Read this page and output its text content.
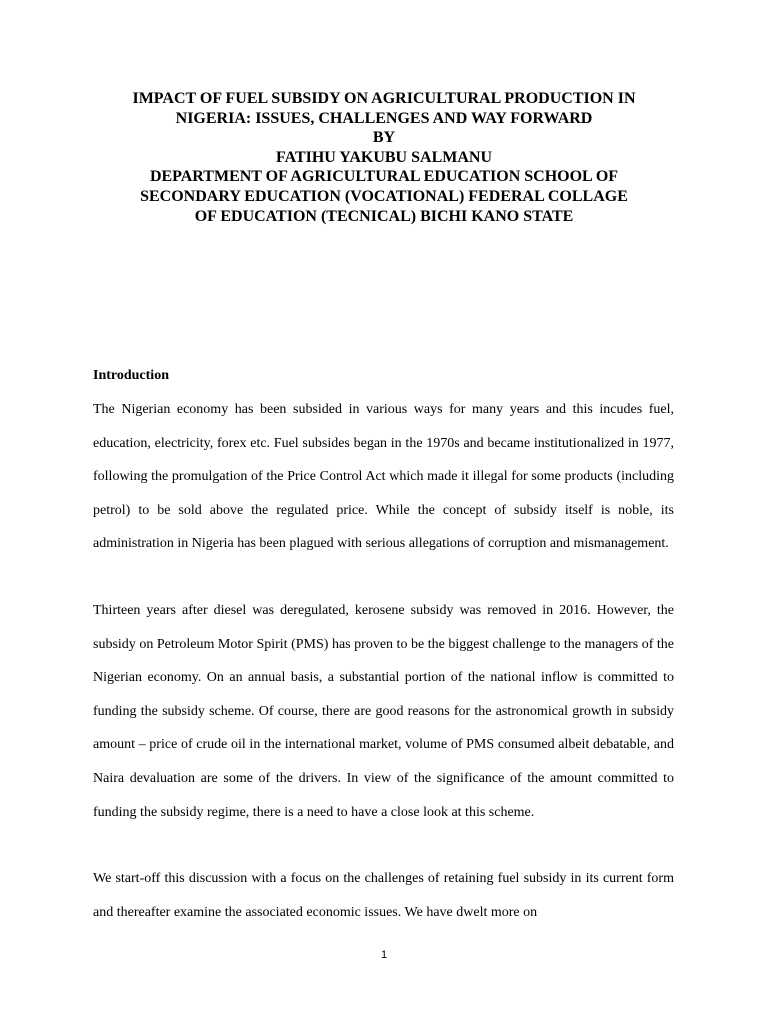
IMPACT OF FUEL SUBSIDY ON AGRICULTURAL PRODUCTION IN
NIGERIA: ISSUES, CHALLENGES AND WAY FORWARD
BY
FATIHU YAKUBU SALMANU
DEPARTMENT OF AGRICULTURAL EDUCATION SCHOOL OF
SECONDARY EDUCATION (VOCATIONAL) FEDERAL COLLAGE
OF EDUCATION (TECNICAL) BICHI KANO STATE
Introduction

The Nigerian economy has been subsided in various ways for many years and this incudes fuel, education, electricity, forex etc. Fuel subsides began in the 1970s and became institutionalized in 1977, following the promulgation of the Price Control Act which made it illegal for some products (including petrol) to be sold above the regulated price. While the concept of subsidy itself is noble, its administration in Nigeria has been plagued with serious allegations of corruption and mismanagement.

Thirteen years after diesel was deregulated, kerosene subsidy was removed in 2016. However, the subsidy on Petroleum Motor Spirit (PMS) has proven to be the biggest challenge to the managers of the Nigerian economy. On an annual basis, a substantial portion of the national inflow is committed to funding the subsidy scheme. Of course, there are good reasons for the astronomical growth in subsidy amount – price of crude oil in the international market, volume of PMS consumed albeit debatable, and Naira devaluation are some of the drivers. In view of the significance of the amount committed to funding the subsidy regime, there is a need to have a close look at this scheme.

We start-off this discussion with a focus on the challenges of retaining fuel subsidy in its current form and thereafter examine the associated economic issues. We have dwelt more on

1
